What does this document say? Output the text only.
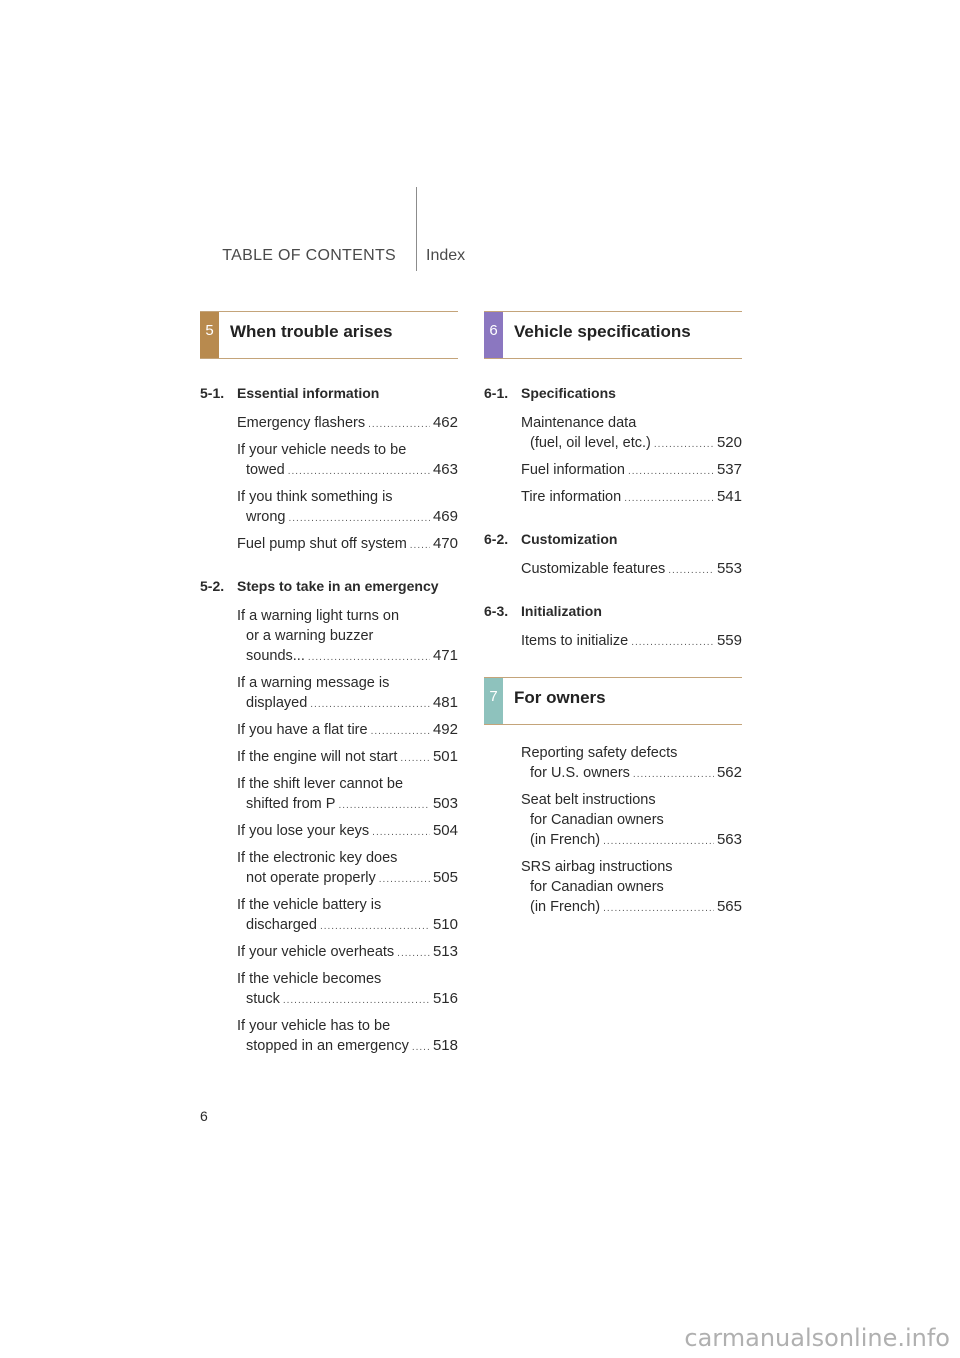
TABLE OF CONTENTS Index
5 When trouble arises
5-1. Essential information
Emergency flashers .....	462
If your vehicle needs to be
towed .....	463
If you think something is
wrong .....	469
Fuel pump shut off system ..... 470
5-2. Steps to take in an emergency
If a warning light turns on
or a warning buzzer
sounds... .....	471
If a warning message is
displayed .....	481
If you have a flat tire .....	492
If the engine will not start ..... 501
If the shift lever cannot be
shifted from P .....	503
If you lose your keys .....	504
If the electronic key does
not operate properly .....	505
If the vehicle battery is
discharged .....	510
If your vehicle overheats .....	513
If the vehicle becomes
stuck .....	516
If your vehicle has to be
stopped in an emergency ..... 518
6 Vehicle specifications
6-1. Specifications
Maintenance data
(fuel, oil level, etc.) .....	520
Fuel information .....	537
Tire information .....	541
6-2. Customization
Customizable features .....	553
6-3. Initialization
Items to initialize .....	559
7 For owners
Reporting safety defects
for U.S. owners .....	562
Seat belt instructions
for Canadian owners
(in French) .....	563
SRS airbag instructions
for Canadian owners
(in French) .....	565
6
carmanualsonline.info
